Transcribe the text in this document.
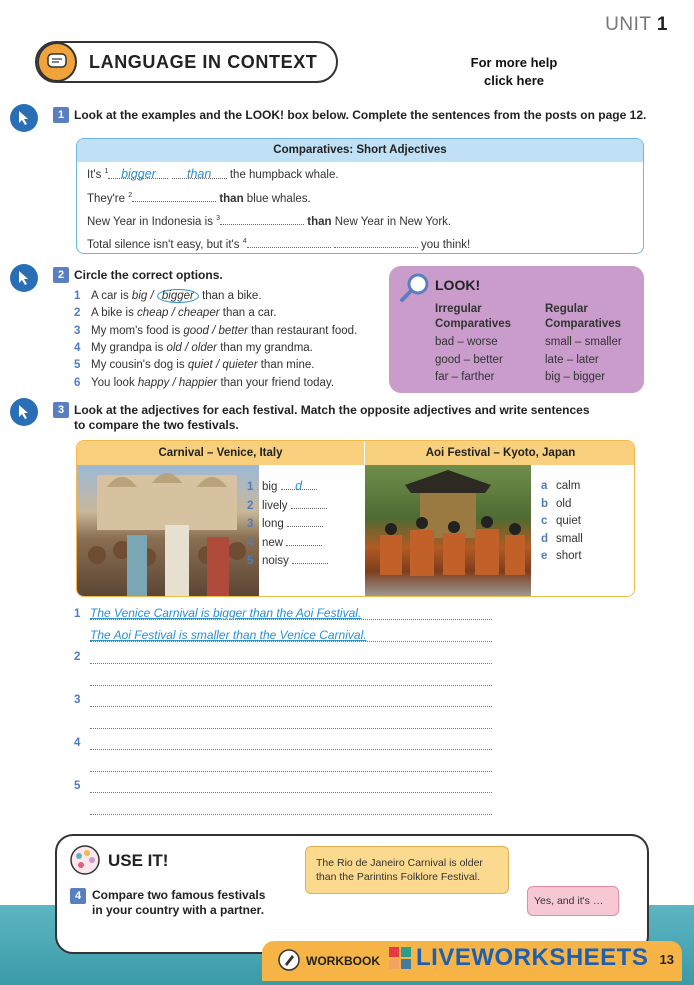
UNIT 1
LANGUAGE IN CONTEXT	For more help
click here
1 Look at the examples and the LOOK! box below. Complete the sentences from the posts on page 12.
Comparatives: Short Adjectives
It's $^1$ bigger than the humpback whale.
They're $^2$	than blue whales.
New Year in Indonesia is $^3$	than New Year in New York.
Total silence isn't easy, but it's $^4$	you think!
2 Circle the correct options.
1 A car is big / bigger than a bike.
2 A bike is cheap / cheaper than a car.
3 My mom's food is good / better than restaurant food.
4 My grandpa is old / older than my grandma.
5 My cousin's dog is quiet / quieter than mine.
6 You look happy / happier than your friend today.
LOOK!
Irregular
Comparatives
bad – worse
good – better
far – farther
Regular
Comparatives
small – smaller
late – later
big – bigger
3 Look at the adjectives for each festival. Match the opposite adjectives and write sentences
to compare the two festivals.
Carnival – Venice, Italy	Aoi Festival – Kyoto, Japan
1 big d
2 lively
3 long
4 new
5 noisy
a calm
b old
c quiet
d small
e short
1 The Venice Carnival is bigger than the Aoi Festival.
The Aoi Festival is smaller than the Venice Carnival.
2
3
4
5
USE IT!
4 Compare two famous festivals
in your country with a partner.
The Rio de Janeiro Carnival is older
than the Parintins Folklore Festival.
Yes, and it's …
WORKBOOK	13
LIVEWORKSHEETS
